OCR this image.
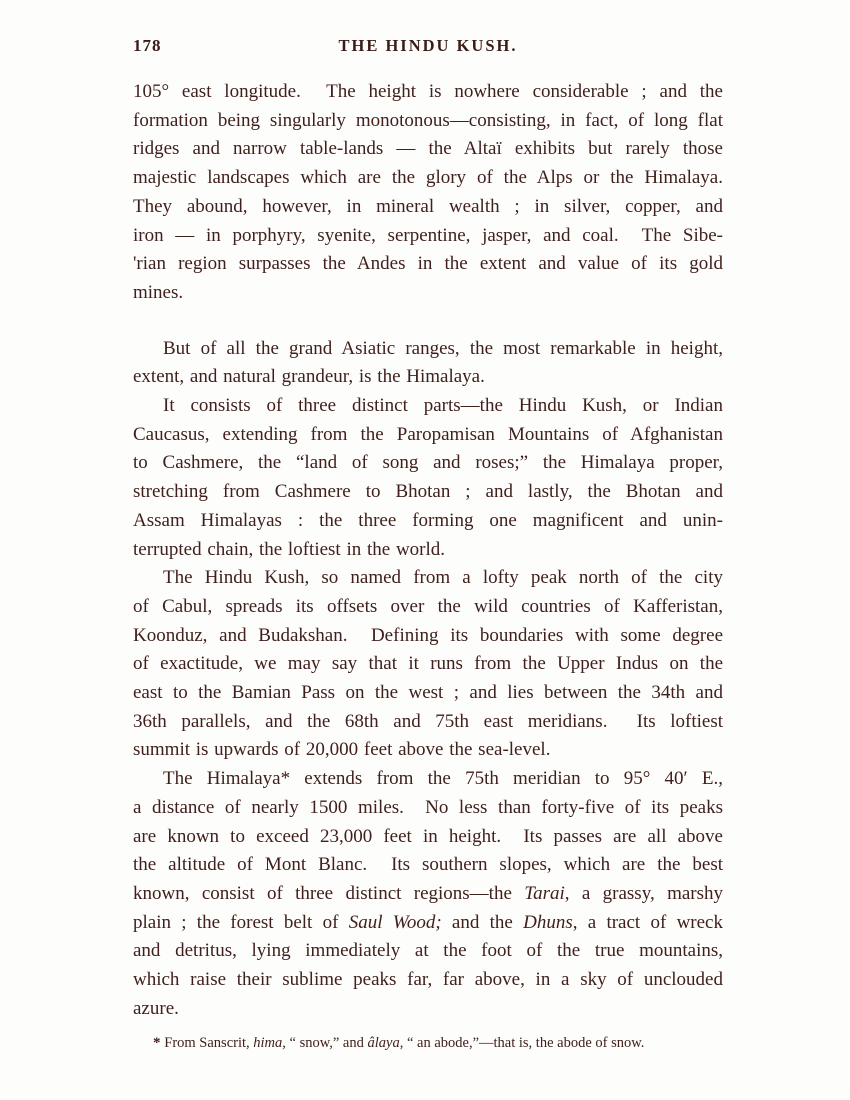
178	THE HINDU KUSH.
105° east longitude.  The height is nowhere considerable ; and the
formation being singularly monotonous—consisting, in fact, of long flat
ridges and narrow table-lands — the Altaï exhibits but rarely those
majestic landscapes which are the glory of the Alps or the Himalaya.
They abound, however, in mineral wealth ; in silver, copper, and
iron — in porphyry, syenite, serpentine, jasper, and coal.  The Sibe-
'rian region surpasses the Andes in the extent and value of its gold
mines.
But of all the grand Asiatic ranges, the most remarkable in height,
extent, and natural grandeur, is the Himalaya.
It consists of three distinct parts—the Hindu Kush, or Indian
Caucasus, extending from the Paropamisan Mountains of Afghanistan
to Cashmere, the “land of song and roses;” the Himalaya proper,
stretching from Cashmere to Bhotan ; and lastly, the Bhotan and
Assam Himalayas : the three forming one magnificent and unin-
terrupted chain, the loftiest in the world.
The Hindu Kush, so named from a lofty peak north of the city
of Cabul, spreads its offsets over the wild countries of Kafferistan,
Koonduz, and Budakshan.  Defining its boundaries with some degree
of exactitude, we may say that it runs from the Upper Indus on the
east to the Bamian Pass on the west ; and lies between the 34th and
36th parallels, and the 68th and 75th east meridians.  Its loftiest
summit is upwards of 20,000 feet above the sea-level.
The Himalaya* extends from the 75th meridian to 95° 40′ E.,
a distance of nearly 1500 miles.  No less than forty-five of its peaks
are known to exceed 23,000 feet in height.  Its passes are all above
the altitude of Mont Blanc.  Its southern slopes, which are the best
known, consist of three distinct regions—the Tarai, a grassy, marshy
plain ; the forest belt of Saul Wood; and the Dhuns, a tract of wreck
and detritus, lying immediately at the foot of the true mountains,
which raise their sublime peaks far, far above, in a sky of unclouded
azure.
* From Sanscrit, hima, “ snow,” and âlaya, “ an abode,”—that is, the abode of snow.
